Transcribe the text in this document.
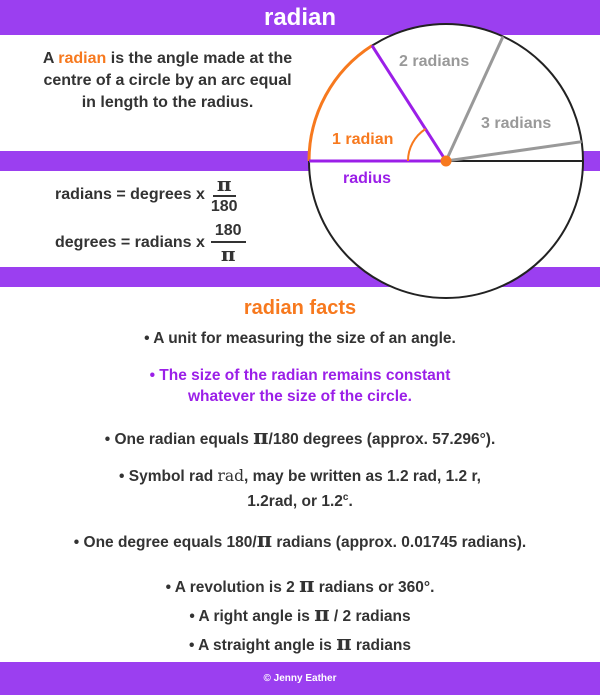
radian
A radian is the angle made at the centre of a circle by an arc equal in length to the radius.
radians = degrees x $\frac{\pi}{180}$
degrees = radians x $\frac{180}{\pi}$
1 radian
2 radians
3 radians
radius
radian facts
• A unit for measuring the size of an angle.
• The size of the radian remains constant
whatever the size of the circle.
• One radian equals π/180 degrees (approx. 57.296°).
• Symbol rad rad, may be written as 1.2 rad, 1.2 r,
1.2rad, or 1.2$^c$.
• One degree equals 180/π radians (approx. 0.01745 radians).
• A revolution is 2 π radians or 360°.
• A right angle is π / 2 radians
• A straight angle is π radians
© Jenny Eather
